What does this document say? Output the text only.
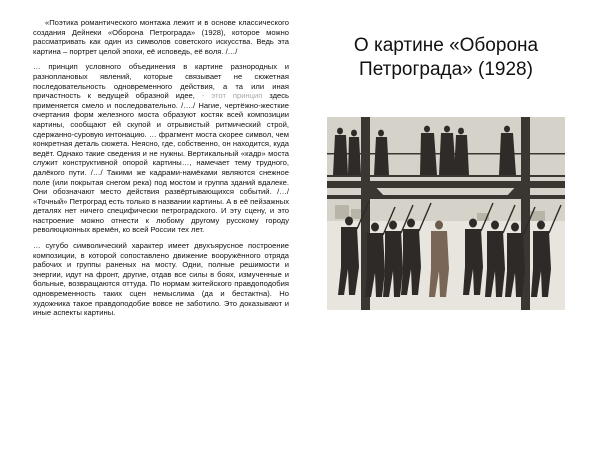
«Поэтика романтического монтажа лежит и в основе классического создания Дейнеки «Оборона Петрограда» (1928), которое можно рассматривать как один из символов советского искусства. Ведь эта картина – портрет целой эпохи, её исповедь, её воля. /…/

… принцип условного объединения в картине разнородных и разноплановых явлений, которые связывает не сюжетная последовательность одновременного действия, а та или иная причастность к ведущей образной идее, - этот принцип здесь применяется смело и последовательно. /…./ Нагие, чертёжно-жесткие очертания форм железного моста образуют костяк всей композиции картины, сообщают ей скупой и отрывистый ритмический строй, сдержанно-суровую интонацию. … фрагмент моста скорее символ, чем конкретная деталь сюжета. Неясно, где, собственно, он находится, куда ведёт. Однако такие сведения и не нужны. Вертикальный «кадр» моста служит конструктивной опорой картины…, намечает тему трудного, далёкого пути. /…/ Такими же кадрами-намёками являются снежное поле (или покрытая снегом река) под мостом и группа зданий вдалеке. Они обозначают место действия развёртывающихся событий. /…/ «Точный» Петроград есть только в названии картины. А в её пейзажных деталях нет ничего специфически петроградского. И эту сцену, и это настроение можно отнести к любому другому русскому городу революционных времён, ко всей России тех лет.

… сугубо символический характер имеет двухъярусное построение композиции, в которой сопоставлено движение вооружённого отряда рабочих и группы раненых на мосту. Одни, полные решимости и энергии, идут на фронт, другие, отдав все силы в боях, измученные и больные, возвращаются оттуда. По нормам житейского правдоподобия одновременность таких сцен немыслима (да и бестактна). Но художника такое правдоподобие вовсе не заботило. Это доказывают и иные аспекты картины.

О картине «Оборона Петрограда» (1928)
